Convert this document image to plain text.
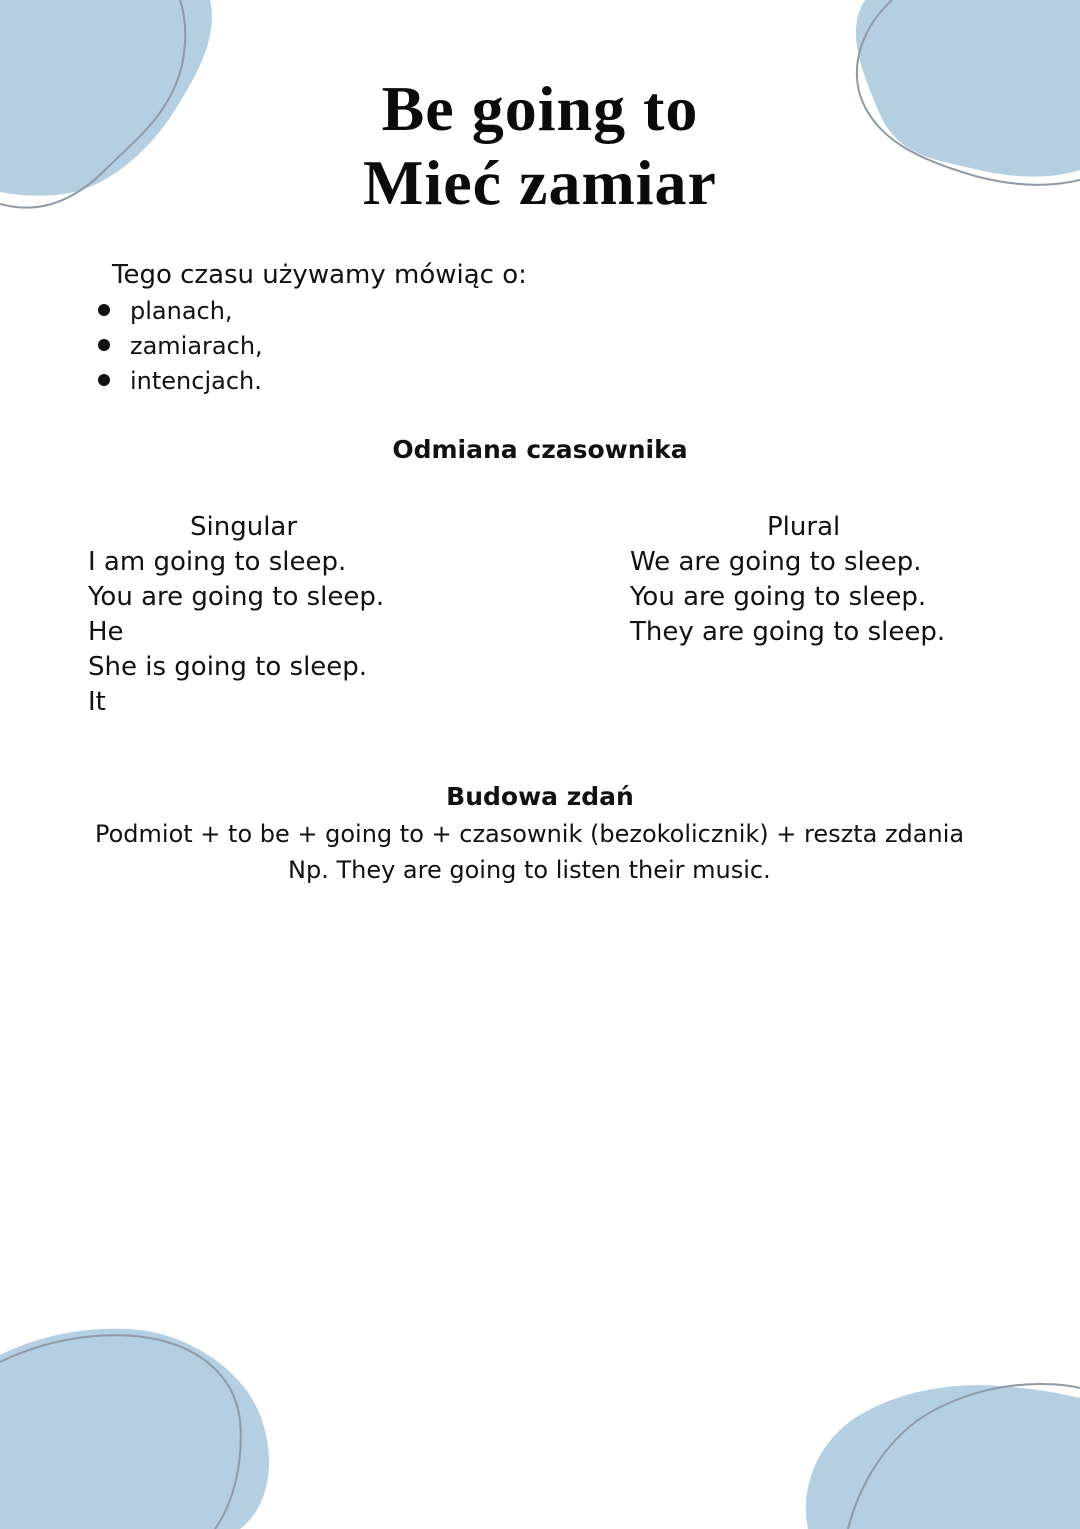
Be going to
Mieć zamiar
Tego czasu używamy mówiąc o:
planach,
zamiarach,
intencjach.
Odmiana czasownika
Singular
I am going to sleep.
You are going to sleep.
He
She is going to sleep.
It
Plural
We are going to sleep.
You are going to sleep.
They are going to sleep.
Budowa zdań
Podmiot + to be + going to + czasownik (bezokolicznik) + reszta zdania
Np. They are going to listen their music.
